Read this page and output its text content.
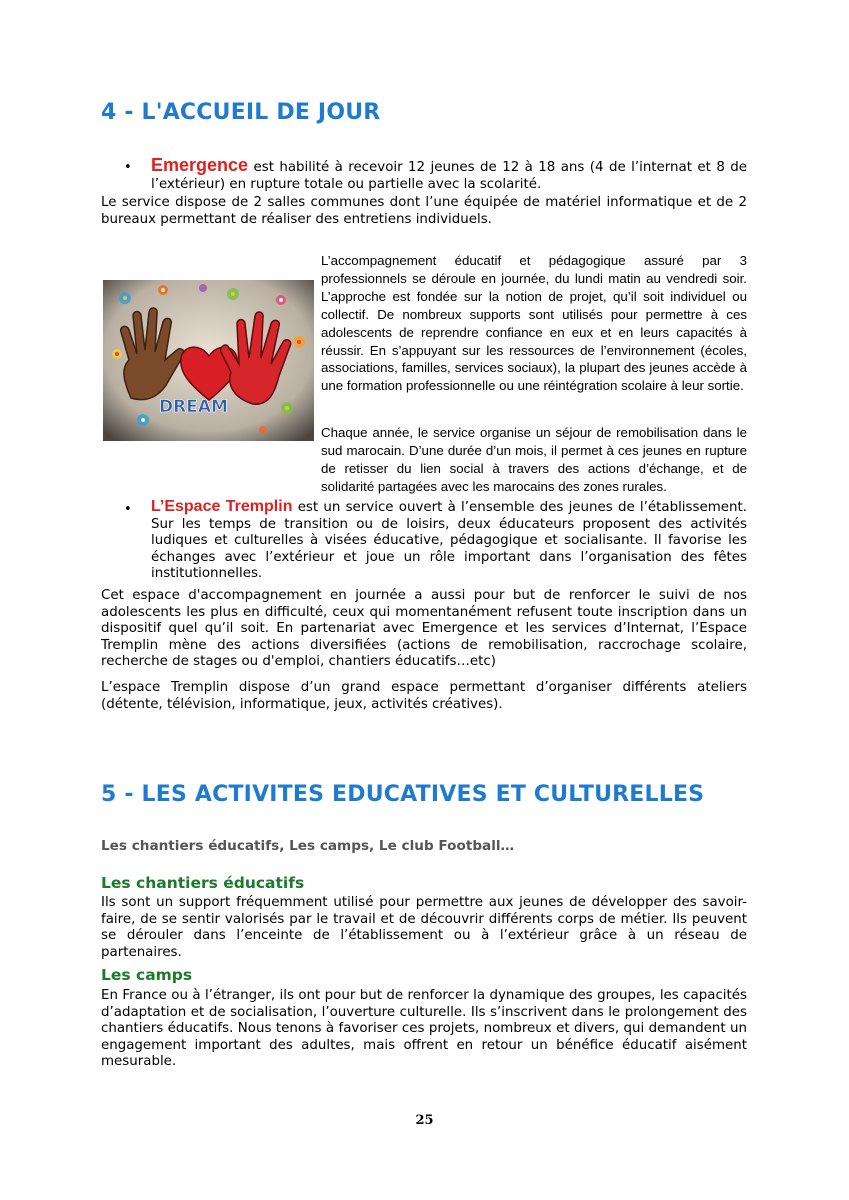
4 - L'ACCUEIL DE JOUR
• Emergence est habilité à recevoir 12 jeunes de 12 à 18 ans (4 de l’internat et 8 de l’extérieur) en rupture totale ou partielle avec la scolarité.

Le service dispose de 2 salles communes dont l’une équipée de matériel informatique et de 2 bureaux permettant de réaliser des entretiens individuels.

DREAM

L’accompagnement éducatif et pédagogique assuré par 3 professionnels se déroule en journée, du lundi matin au vendredi soir. L’approche est fondée sur la notion de projet, qu’il soit individuel ou collectif. De nombreux supports sont utilisés pour permettre à ces adolescents de reprendre confiance en eux et en leurs capacités à réussir. En s’appuyant sur les ressources de l’environnement (écoles, associations, familles, services sociaux), la plupart des jeunes accède à une formation professionnelle ou une réintégration scolaire à leur sortie.

Chaque année, le service organise un séjour de remobilisation dans le sud marocain. D’une durée d’un mois, il permet à ces jeunes en rupture de retisser du lien social à travers des actions d’échange, et de solidarité partagées avec les marocains des zones rurales.

• L’Espace Tremplin est un service ouvert à l’ensemble des jeunes de l’établissement. Sur les temps de transition ou de loisirs, deux éducateurs proposent des activités ludiques et culturelles à visées éducative, pédagogique et socialisante. Il favorise les échanges avec l’extérieur et joue un rôle important dans l’organisation des fêtes institutionnelles.

Cet espace d'accompagnement en journée a aussi pour but de renforcer le suivi de nos adolescents les plus en difficulté, ceux qui momentanément refusent toute inscription dans un dispositif quel qu’il soit. En partenariat avec Emergence et les services d’Internat, l’Espace Tremplin mène des actions diversifiées (actions de remobilisation, raccrochage scolaire, recherche de stages ou d'emploi, chantiers éducatifs…etc)

L’espace Tremplin dispose d’un grand espace permettant d’organiser différents ateliers (détente, télévision, informatique, jeux, activités créatives).

5 - LES ACTIVITES EDUCATIVES ET CULTURELLES
Les chantiers éducatifs, Les camps, Le club Football…
Les chantiers éducatifs

Ils sont un support fréquemment utilisé pour permettre aux jeunes de développer des savoir-faire, de se sentir valorisés par le travail et de découvrir différents corps de métier. Ils peuvent se dérouler dans l’enceinte de l’établissement ou à l’extérieur grâce à un réseau de partenaires.

Les camps

En France ou à l’étranger, ils ont pour but de renforcer la dynamique des groupes, les capacités d’adaptation et de socialisation, l’ouverture culturelle. Ils s’inscrivent dans le prolongement des chantiers éducatifs. Nous tenons à favoriser ces projets, nombreux et divers, qui demandent un engagement important des adultes, mais offrent en retour un bénéfice éducatif aisément mesurable.

25
